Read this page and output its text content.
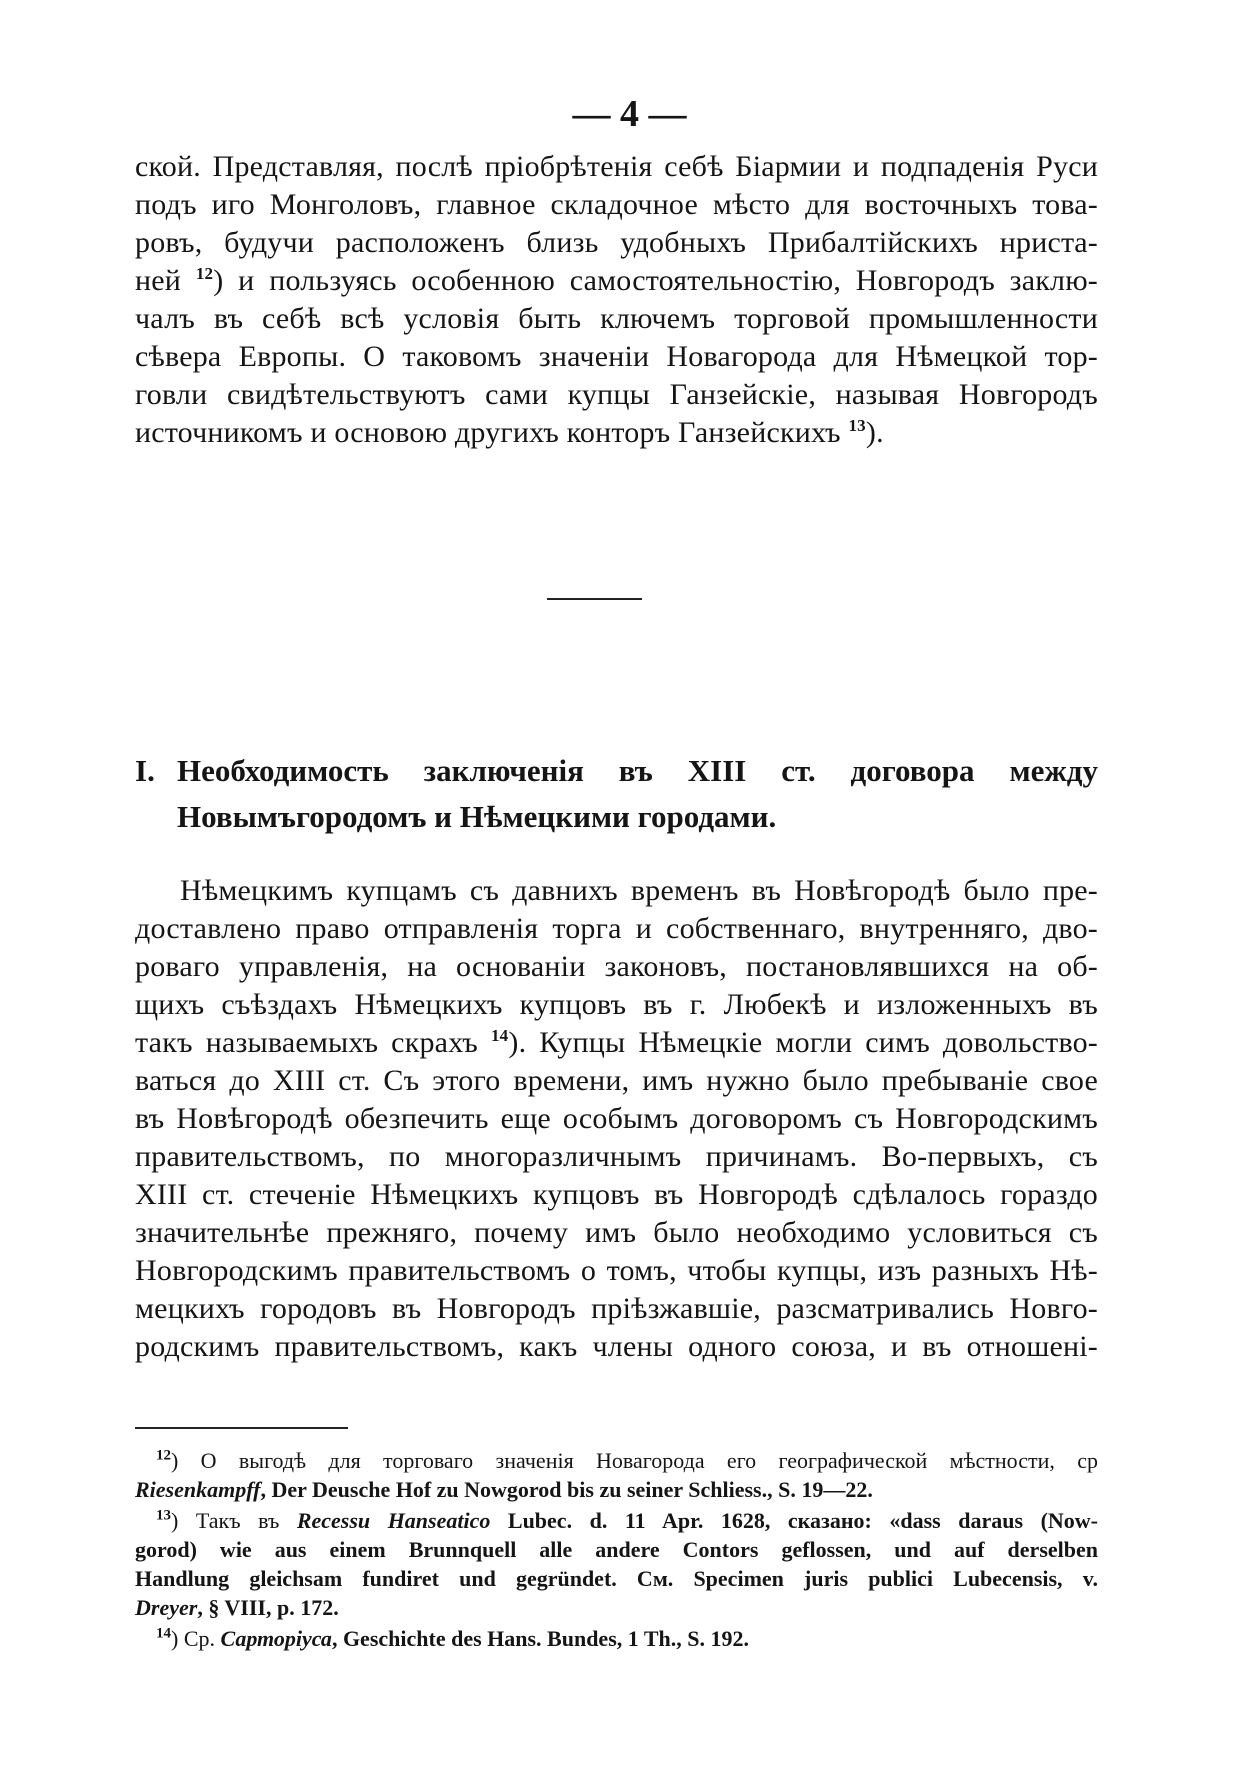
— 4 —
ской. Представляя, послѣ пріобрѣтенія себѣ Біармии и подпаденія Руси
подъ иго Монголовъ, главное складочное мѣсто для восточныхъ това-
ровъ, будучи расположенъ близь удобныхъ Прибалтійскихъ нристa-
ней $^{12}$) и пользуясь особенною самостоятельностію, Новгородъ заклю-
чалъ въ себѣ всѣ условія быть ключемъ торговой промышленности
сѣвера Европы. О таковомъ значеніи Новагорода для Нѣмецкой тор-
говли свидѣтельствуютъ сами купцы Ганзейскіе, называя Новгородъ
источникомъ и основою другихъ конторъ Ганзейскихъ $^{13}$).
I. Необходимость заключенія въ XIII ст. договора между
Новымъгородомъ и Нѣмецкими городами.
Нѣмецкимъ купцамъ съ давнихъ временъ въ Новѣгородѣ было пре-
доставлено право отправленія торга и собственнаго, внутренняго, дво-
роваго управленія, на основаніи законовъ, постановлявшихся на об-
щихъ съѣздахъ Нѣмецкихъ купцовъ въ г. Любекѣ и изложенныхъ въ
такъ называемыхъ скрахъ $^{14}$). Купцы Нѣмецкіе могли симъ довольство-
ваться до XIII ст. Съ этого времени, имъ нужно было пребываніе свое
въ Новѣгородѣ обезпечить еще особымъ договоромъ съ Новгородскимъ
правительствомъ, по многоразличнымъ причинамъ. Во-первыхъ, съ
XIII ст. стеченіе Нѣмецкихъ купцовъ въ Новгородѣ сдѣлалось гораздо
значительнѣе прежняго, почему имъ было необходимо условиться съ
Новгородскимъ правительствомъ о томъ, чтобы купцы, изъ разныхъ Нѣ-
мецкихъ городовъ въ Новгородъ пріѣзжавшіе, разсматривались Новго-
родскимъ правительствомъ, какъ члены одного союза, и въ отношені-
$^{12}$) О выгодѣ для торговаго значенія Новагорода его географической мѣстности, ср
Riesenkampff, Der Deusche Hof zu Nowgorod bis zu seiner Schliess., S. 19—22.
$^{13}$) Такъ въ Recessu Hanseatico Lubec. d. 11 Apr. 1628, сказано: «dass daraus (Now-
gorod) wie aus einem Brunnquell alle andere Contors geflossen, und auf derselben
Handlung gleichsam fundiret und gegründet. См. Specimen juris publici Lubecensis, v.
Dreyer, § VIII, p. 172.
$^{14}$) Ср. Сартоpiуса, Geschichte des Hans. Bundes, 1 Th., S. 192.
